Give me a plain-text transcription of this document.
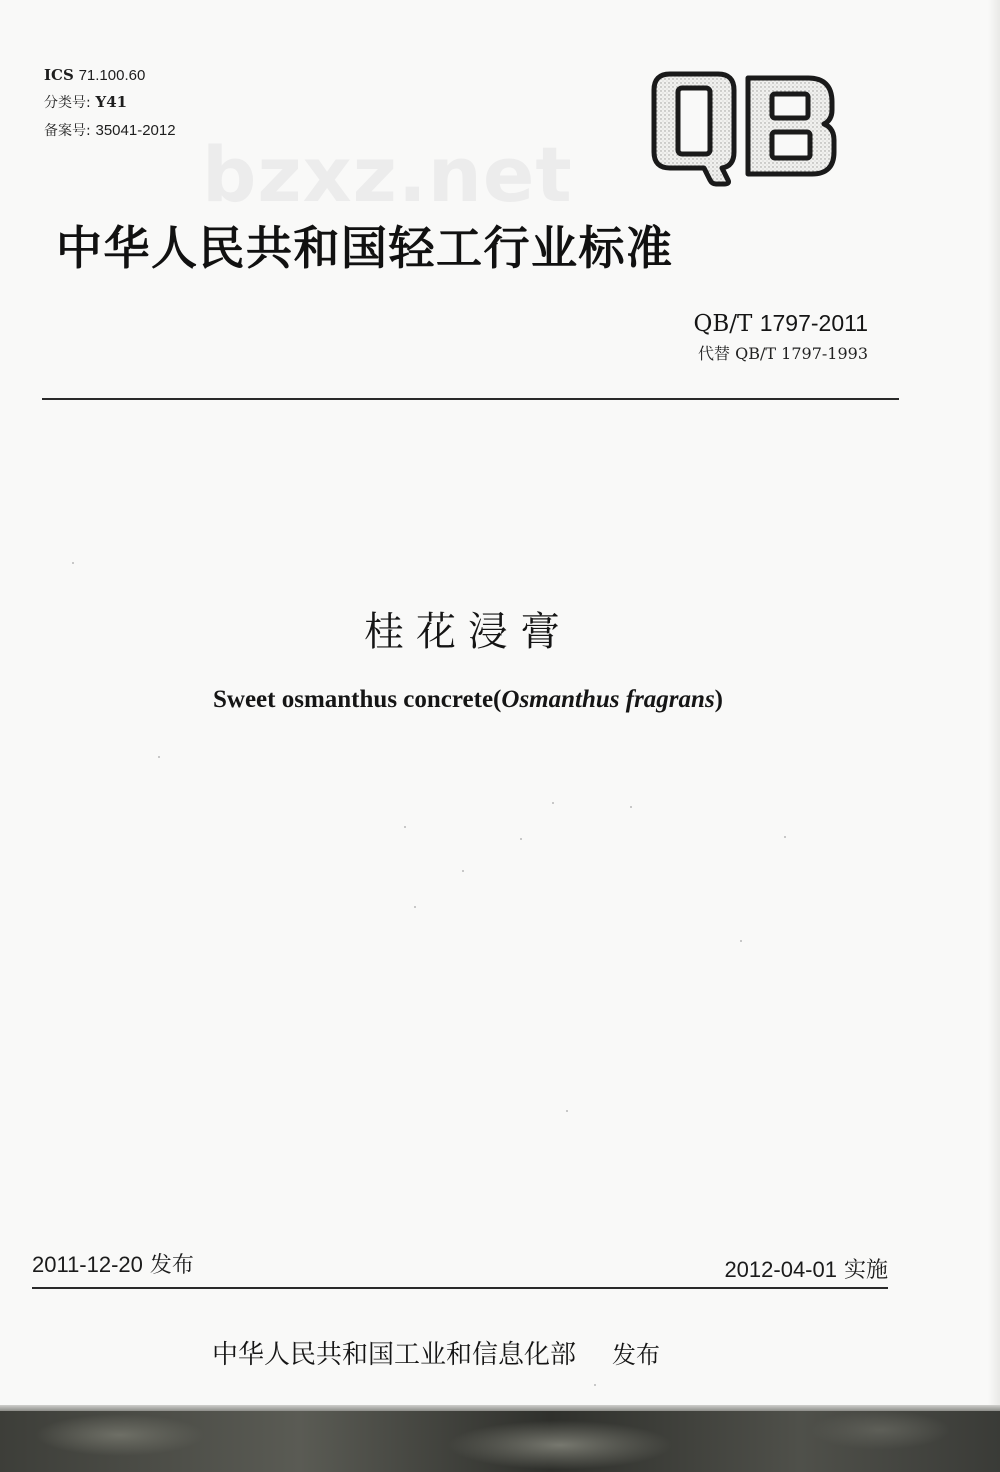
ICS 71.100.60
分类号: Y41
备案号: 35041-2012 bzxz.net
中华人民共和国轻工行业标准
QB/T 1797-2011
代替 QB/T 1797-1993
桂花浸膏
Sweet osmanthus concrete(Osmanthus fragrans)
2011-12-20 发布	2012-04-01 实施
中华人民共和国工业和信息化部 发布
